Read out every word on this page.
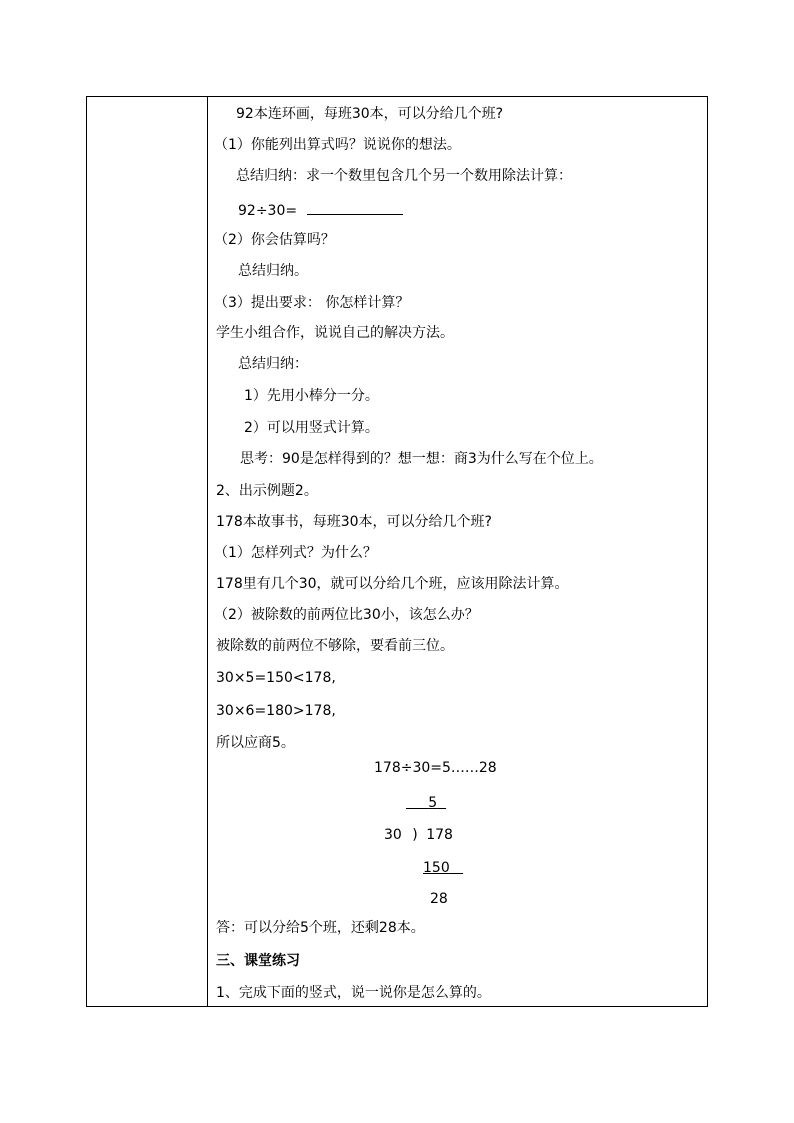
92本连环画，每班30本，可以分给几个班?
（1）你能列出算式吗？说说你的想法。
总结归纳：求一个数里包含几个另一个数用除法计算：
92÷30=
（2）你会估算吗？
总结归纳。
（3）提出要求： 你怎样计算？
学生小组合作，说说自己的解决方法。
总结归纳：
1）先用小棒分一分。
2）可以用竖式计算。
思考：90是怎样得到的？想一想：商3为什么写在个位上。
2、出示例题2。
178本故事书，每班30本，可以分给几个班?
（1）怎样列式？为什么？
178里有几个30，就可以分给几个班，应该用除法计算。
（2）被除数的前两位比30小，该怎么办？
被除数的前两位不够除，要看前三位。
30×5=150<178,
30×6=180>178,
所以应商5。
178÷30=5……28
5
30 ) 178
150
28
答：可以分给5个班，还剩28本。
三、课堂练习
1、完成下面的竖式，说一说你是怎么算的。
